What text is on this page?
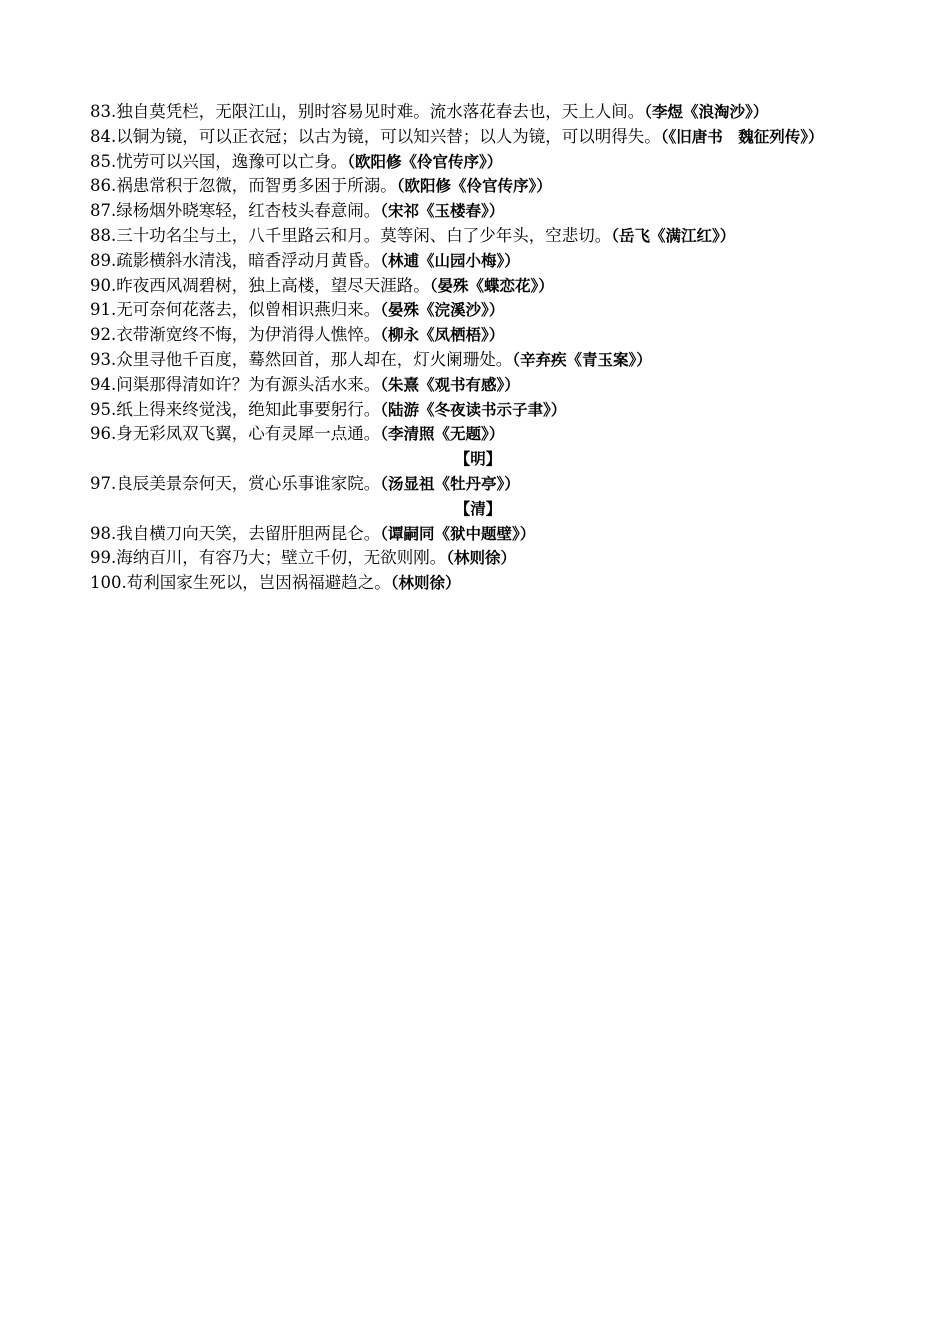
83.独自莫凭栏，无限江山，别时容易见时难。流水落花春去也，天上人间。（李煜《浪淘沙》）
84.以铜为镜，可以正衣冠；以古为镜，可以知兴替；以人为镜，可以明得失。（《旧唐书　魏征列传》）
85.忧劳可以兴国，逸豫可以亡身。（欧阳修《伶官传序》）
86.祸患常积于忽微，而智勇多困于所溺。（欧阳修《伶官传序》）
87.绿杨烟外晓寒轻，红杏枝头春意闹。（宋祁《玉楼春》）
88.三十功名尘与土，八千里路云和月。莫等闲、白了少年头，空悲切。（岳飞《满江红》）
89.疏影横斜水清浅，暗香浮动月黄昏。（林逋《山园小梅》）
90.昨夜西风凋碧树，独上高楼，望尽天涯路。（晏殊《蝶恋花》）
91.无可奈何花落去，似曾相识燕归来。（晏殊《浣溪沙》）
92.衣带渐宽终不悔，为伊消得人憔悴。（柳永《凤栖梧》）
93.众里寻他千百度，蓦然回首，那人却在，灯火阑珊处。（辛弃疾《青玉案》）
94.问渠那得清如许？为有源头活水来。（朱熹《观书有感》）
95.纸上得来终觉浅，绝知此事要躬行。（陆游《冬夜读书示子聿》）
96.身无彩凤双飞翼，心有灵犀一点通。（李清照《无题》）
【明】
97.良辰美景奈何天，赏心乐事谁家院。（汤显祖《牡丹亭》）
【清】
98.我自横刀向天笑，去留肝胆两昆仑。（谭嗣同《狱中题壁》）
99.海纳百川，有容乃大；壁立千仞，无欲则刚。（林则徐）
100.苟利国家生死以，岂因祸福避趋之。（林则徐）
